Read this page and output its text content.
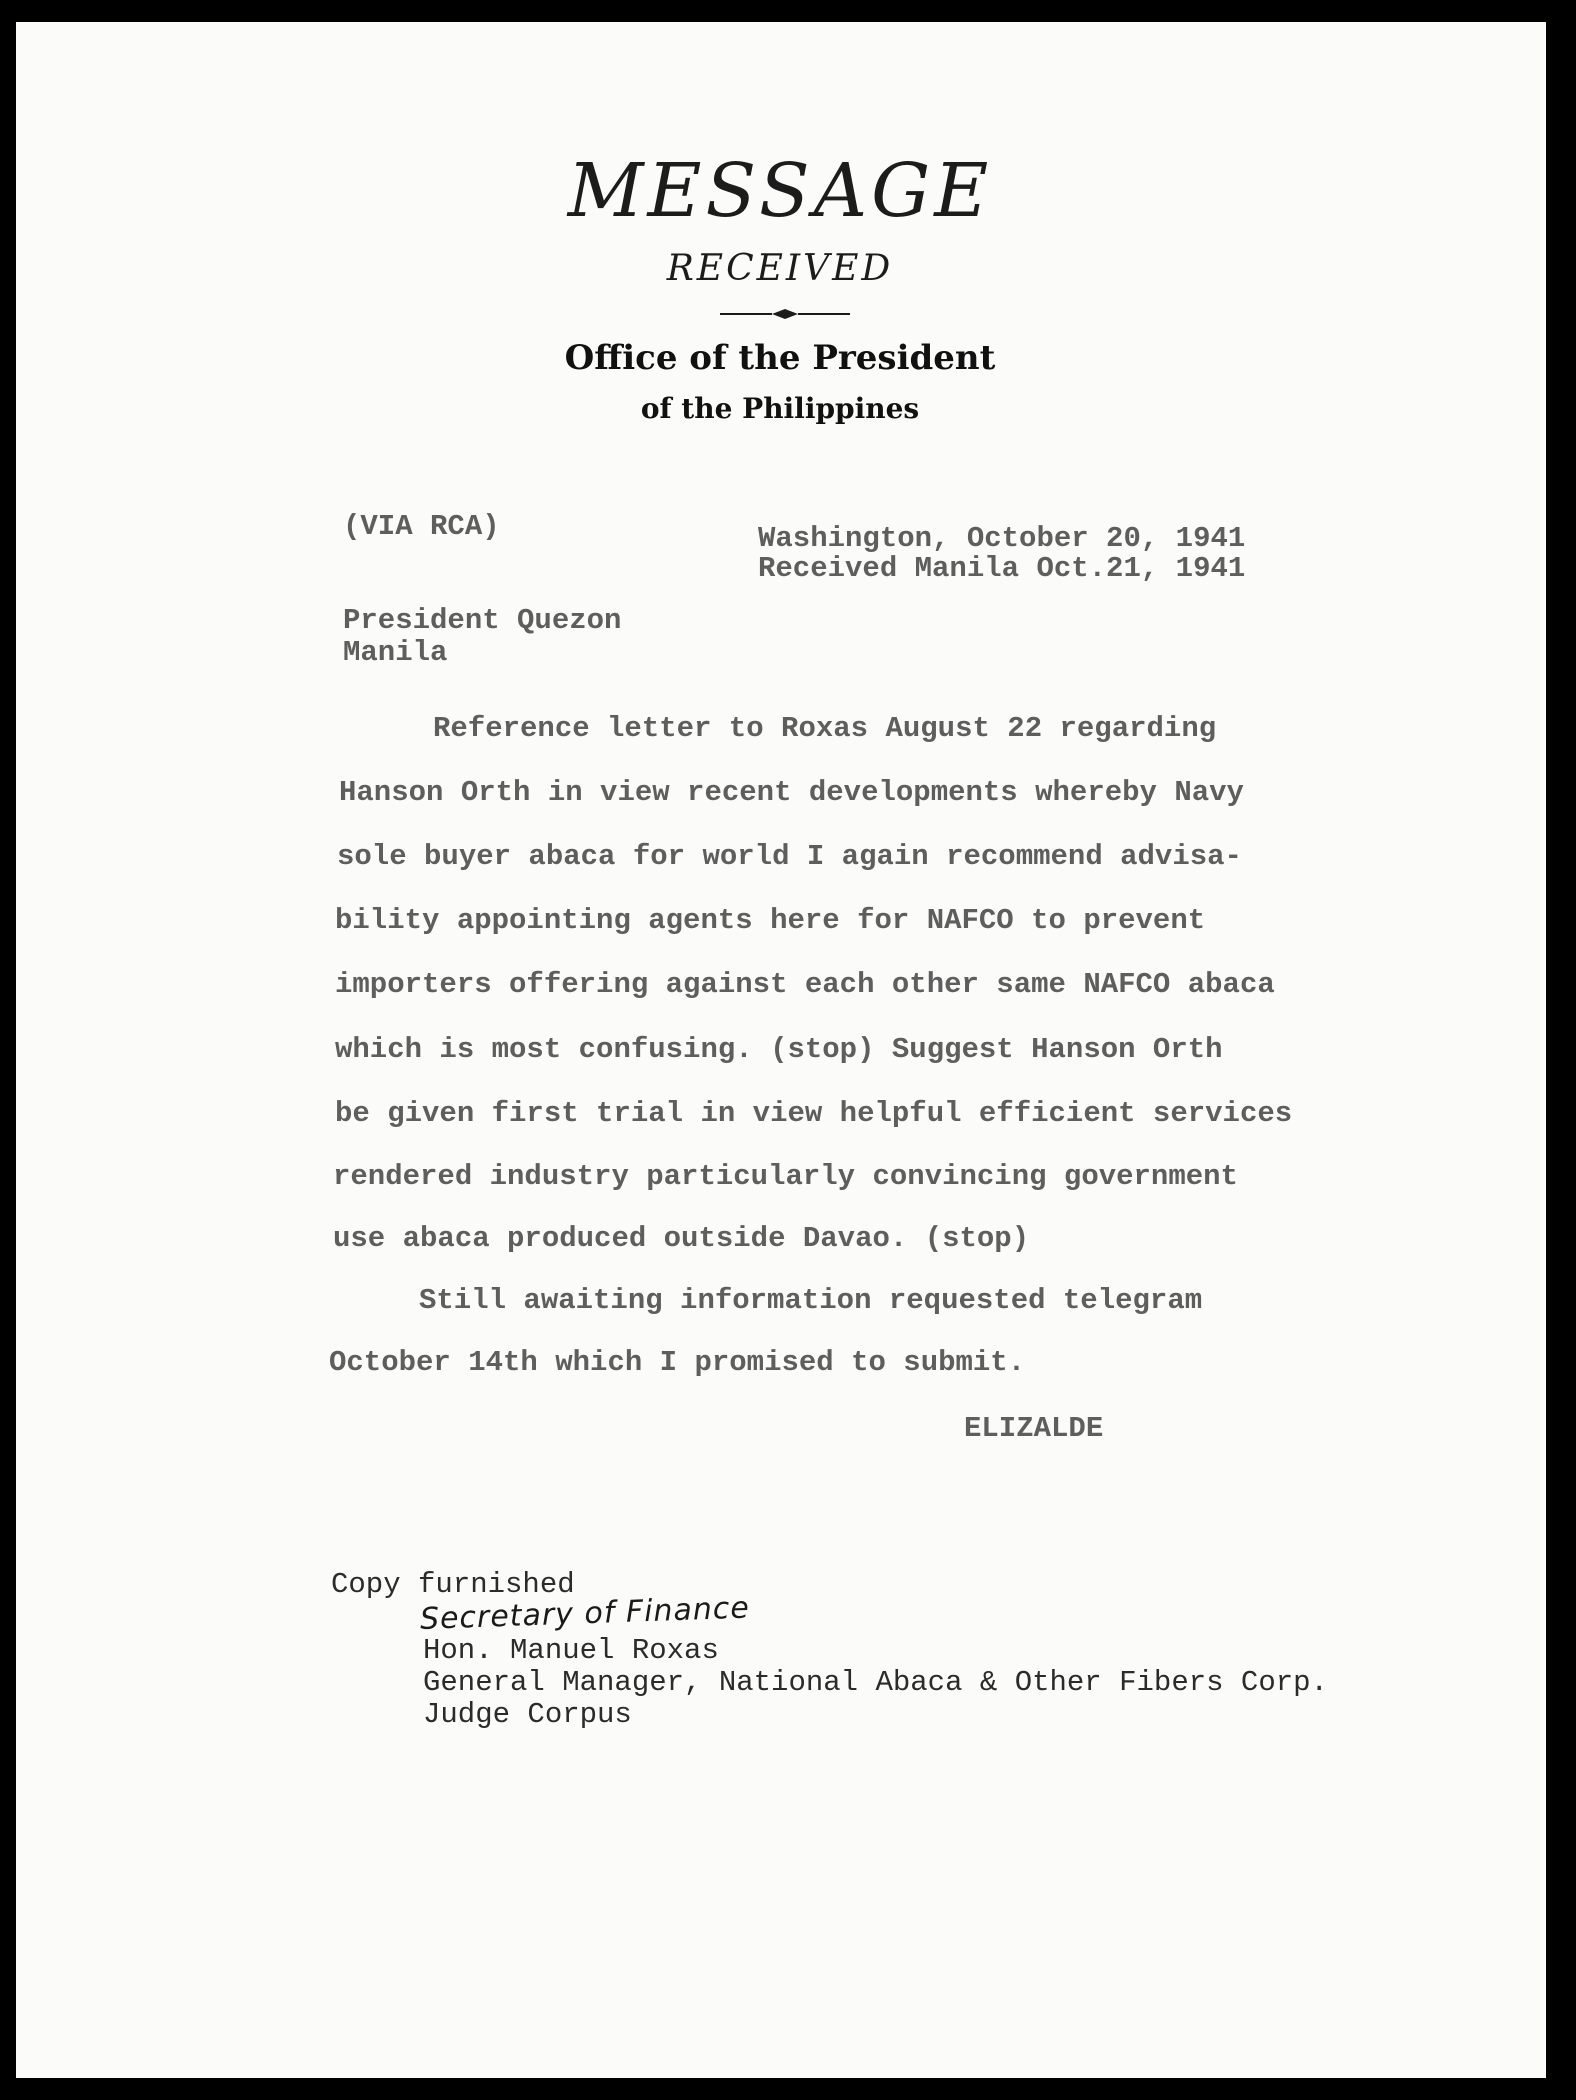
MESSAGE
RECEIVED
Office of the President
of the Philippines
(VIA RCA)	Washington, October 20, 1941
Received Manila Oct.21, 1941
President Quezon
Manila
Reference letter to Roxas August 22 regarding
Hanson Orth in view recent developments whereby Navy
sole buyer abaca for world I again recommend advisa-
bility appointing agents here for NAFCO to prevent
importers offering against each other same NAFCO abaca
which is most confusing. (stop) Suggest Hanson Orth
be given first trial in view helpful efficient services
rendered industry particularly convincing government
use abaca produced outside Davao. (stop)
Still awaiting information requested telegram
October 14th which I promised to submit.
ELIZALDE
Copy furnished
Secretary of Finance
Hon. Manuel Roxas
General Manager, National Abaca & Other Fibers Corp.
Judge Corpus
